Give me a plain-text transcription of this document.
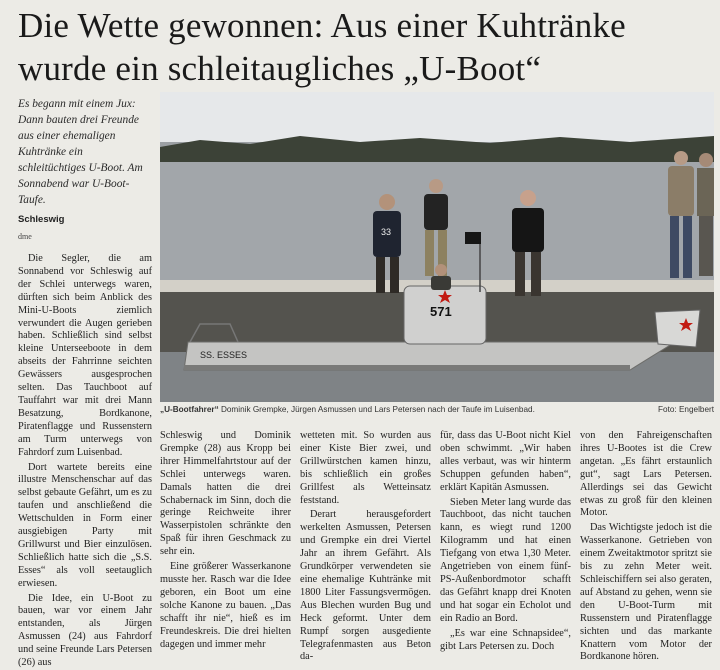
Die Wette gewonnen: Aus einer Kuhtränke wurde ein schleitaugliches „U-Boot“
Es begann mit einem Jux: Dann bauten drei Freunde aus einer ehemaligen Kuhtränke ein schleitüchtiges U-Boot. Am Sonnabend war U-Boot-Taufe.
Schleswig
dme
571
SS. ESSES
33
„U-Bootfahrer“ Dominik Grempke, Jürgen Asmussen und Lars Petersen nach der Taufe im Luisenbad.	Foto: Engelbert

Die Segler, die am Sonnabend vor Schleswig auf der Schlei unterwegs waren, dürften sich beim Anblick des Mini-U-Boots ziemlich verwundert die Augen gerieben haben. Schließlich sind selbst kleine Unterseeboote in dem abseits der Fahrrinne seichten Gewässers ausgesprochen selten. Das Tauchboot auf Tauffahrt war mit drei Mann Besatzung, Bordkanone, Piratenflagge und Russenstern am Turm unterwegs von Fahrdorf zum Luisenbad.

Dort wartete bereits eine illustre Menschenschar auf das selbst gebaute Gefährt, um es zu taufen und anschließend die Wettschulden in Form einer ausgiebigen Party mit Grillwurst und Bier einzulösen. Schließlich hatte sich die „S.S. Esses“ als voll seetauglich erwiesen.

Die Idee, ein U-Boot zu bauen, war vor einem Jahr entstanden, als Jürgen Asmussen (24) aus Fahrdorf und seine Freunde Lars Petersen (26) aus

Schleswig und Dominik Grempke (28) aus Kropp bei ihrer Himmelfahrtstour auf der Schlei unterwegs waren. Damals hatten die drei Schabernack im Sinn, doch die geringe Reichweite ihrer Wasserpistolen schränkte den Spaß für ihren Geschmack zu sehr ein.

Eine größerer Wasserkanone musste her. Rasch war die Idee geboren, ein Boot um eine solche Kanone zu bauen. „Das schafft ihr nie“, hieß es im Freundeskreis. Die drei hielten dagegen und immer mehr

wetteten mit. So wurden aus einer Kiste Bier zwei, und Grillwürstchen kamen hinzu, bis schließlich ein großes Grillfest als Wetteinsatz feststand.

Derart herausgefordert werkelten Asmussen, Petersen und Grempke ein drei Viertel Jahr an ihrem Gefährt. Als Grundkörper verwendeten sie eine ehemalige Kuhtränke mit 1800 Liter Fassungsvermögen. Aus Blechen wurden Bug und Heck geformt. Unter dem Rumpf sorgen ausgediente Telegrafenmasten aus Beton da-

für, dass das U-Boot nicht Kiel oben schwimmt. „Wir haben alles verbaut, was wir hinterm Schuppen gefunden haben“, erklärt Kapitän Asmussen.

Sieben Meter lang wurde das Tauchboot, das nicht tauchen kann, es wiegt rund 1200 Kilogramm und hat einen Tiefgang von etwa 1,30 Meter. Angetrieben von einem fünf-PS-Außenbordmotor schafft das Gefährt knapp drei Knoten und hat sogar ein Echolot und ein Radio an Bord.

„Es war eine Schnapsidee“, gibt Lars Petersen zu. Doch

von den Fahreigenschaften ihres U-Bootes ist die Crew angetan. „Es fährt erstaunlich gut“, sagt Lars Petersen. Allerdings sei das Gewicht etwas zu groß für den kleinen Motor.

Das Wichtigste jedoch ist die Wasserkanone. Getrieben von einem Zweitaktmotor spritzt sie bis zu zehn Meter weit. Schleischiffern sei also geraten, auf Abstand zu gehen, wenn sie den U-Boot-Turm mit Russenstern und Piratenflagge sichten und das markante Knattern vom Motor der Bordkanone hören.
